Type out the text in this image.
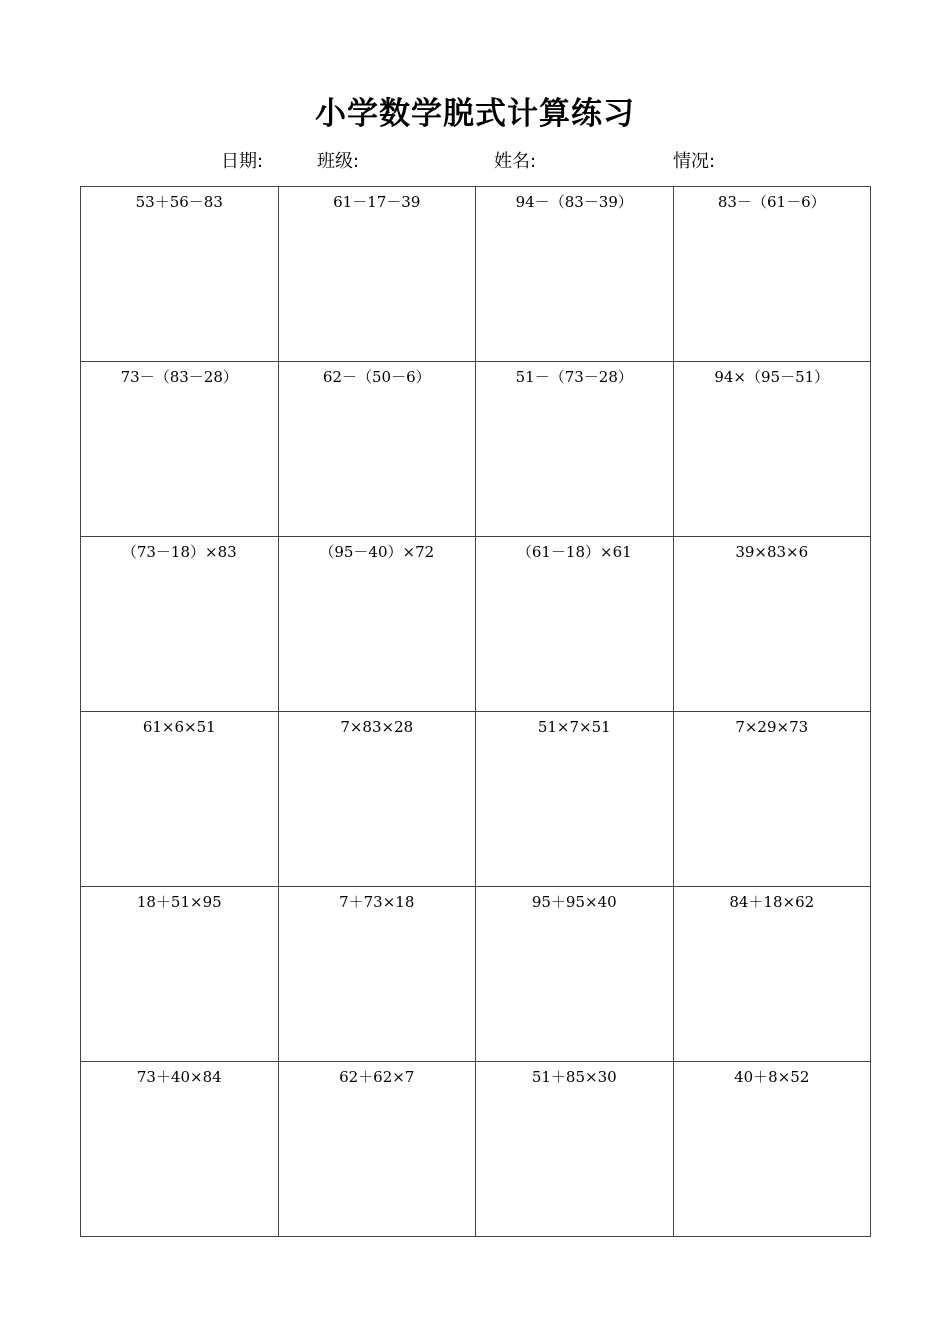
小学数学脱式计算练习
日期:	班级:	姓名:	情况:
53＋56－83	61－17－39	94－（83－39）	83－（61－6）
73－（83－28）	62－（50－6）	51－（73－28）	94×（95－51）
（73－18）×83	（95－40）×72	（61－18）×61	39×83×6
61×6×51	7×83×28	51×7×51	7×29×73
18＋51×95	7＋73×18	95＋95×40	84＋18×62
73＋40×84	62＋62×7	51＋85×30	40＋8×52
